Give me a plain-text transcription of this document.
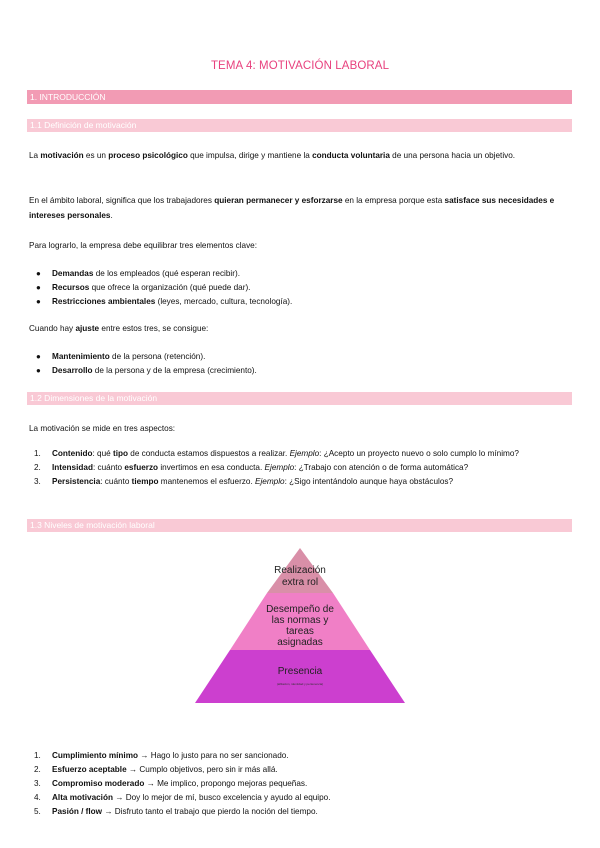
TEMA 4: MOTIVACIÓN LABORAL
1. INTRODUCCIÓN
1.1 Definición de motivación

La motivación es un proceso psicológico que impulsa, dirige y mantiene la conducta voluntaria de una persona hacia un objetivo.

En el ámbito laboral, significa que los trabajadores quieran permanecer y esforzarse en la empresa porque esta satisface sus necesidades e intereses personales.

Para lograrlo, la empresa debe equilibrar tres elementos clave:

● Demandas de los empleados (qué esperan recibir).
● Recursos que ofrece la organización (qué puede dar).
● Restricciones ambientales (leyes, mercado, cultura, tecnología).

Cuando hay ajuste entre estos tres, se consigue:

● Mantenimiento de la persona (retención).
● Desarrollo de la persona y de la empresa (crecimiento).
1.2 Dimensiones de la motivación

La motivación se mide en tres aspectos:

1. Contenido: qué tipo de conducta estamos dispuestos a realizar. Ejemplo: ¿Acepto un proyecto nuevo o solo cumplo lo mínimo?
2. Intensidad: cuánto esfuerzo invertimos en esa conducta. Ejemplo: ¿Trabajo con atención o de forma automática?
3. Persistencia: cuánto tiempo mantenemos el esfuerzo. Ejemplo: ¿Sigo intentándolo aunque haya obstáculos?
1.3 Niveles de motivación laboral
Realización
extra rol
Desempeño de
las normas y
tareas
asignadas
Presencia
(afiliación, identidad y pertenencia)
1. Cumplimiento mínimo → Hago lo justo para no ser sancionado.
2. Esfuerzo aceptable → Cumplo objetivos, pero sin ir más allá.
3. Compromiso moderado → Me implico, propongo mejoras pequeñas.
4. Alta motivación → Doy lo mejor de mí, busco excelencia y ayudo al equipo.
5. Pasión / flow → Disfruto tanto el trabajo que pierdo la noción del tiempo.
